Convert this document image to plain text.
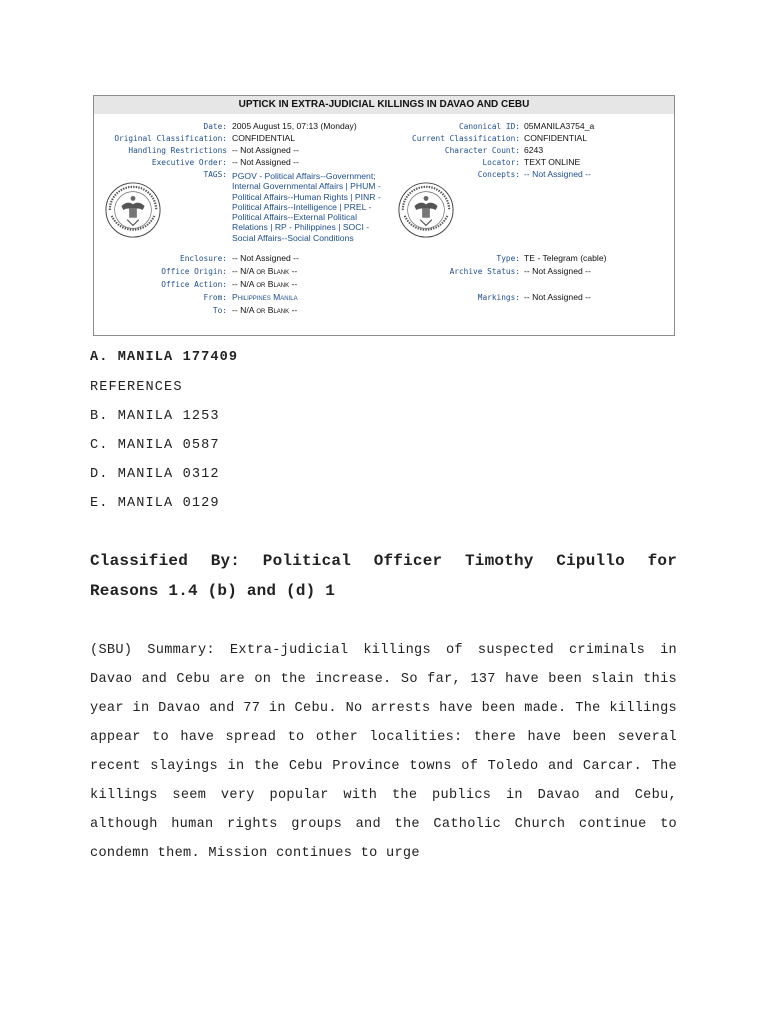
UPTICK IN EXTRA-JUDICIAL KILLINGS IN DAVAO AND CEBU
Date: 2005 August 15, 07:13 (Monday)
Original Classification: CONFIDENTIAL
Handling Restrictions -- Not Assigned --
Executive Order: -- Not Assigned --
TAGS: PGOV - Political Affairs--Government; Internal Governmental Affairs | PHUM - Political Affairs--Human Rights | PINR - Political Affairs--Intelligence | PREL - Political Affairs--External Political Relations | RP - Philippines | SOCI - Social Affairs--Social Conditions
Enclosure: -- Not Assigned --
Office Origin: -- N/A or Blank --
Office Action: -- N/A or Blank --
From: Philippines Manila
To: -- N/A or Blank --
Canonical ID: 05MANILA3754_a
Current Classification: CONFIDENTIAL
Character Count: 6243
Locator: TEXT ONLINE
Concepts: -- Not Assigned --
Type: TE - Telegram (cable)
Archive Status: -- Not Assigned --
Markings: -- Not Assigned --
A. MANILA 177409
REFERENCES
B. MANILA 1253
C. MANILA 0587
D. MANILA 0312
E. MANILA 0129
Classified By: Political Officer Timothy Cipullo for Reasons 1.4 (b) and (d) 1
(SBU) Summary: Extra-judicial killings of suspected criminals in Davao and Cebu are on the increase. So far, 137 have been slain this year in Davao and 77 in Cebu. No arrests have been made. The killings appear to have spread to other localities: there have been several recent slayings in the Cebu Province towns of Toledo and Carcar. The killings seem very popular with the publics in Davao and Cebu, although human rights groups and the Catholic Church continue to condemn them. Mission continues to urge
